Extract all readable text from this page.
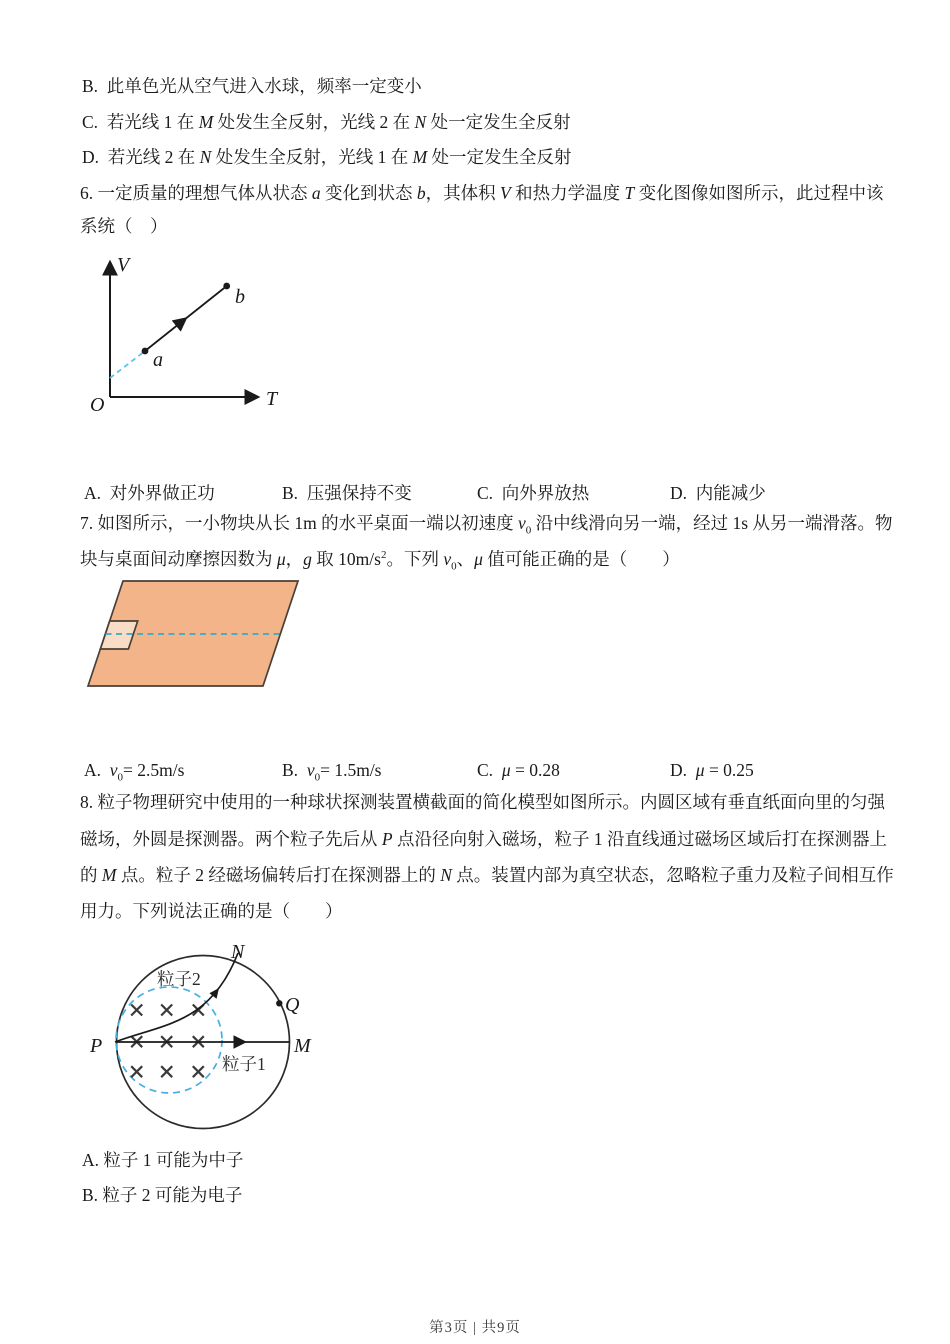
B.  此单色光从空气进入水球，频率一定变小
C.  若光线 1 在 M 处发生全反射，光线 2 在 N 处一定发生全反射
D.  若光线 2 在 N 处发生全反射，光线 1 在 M 处一定发生全反射
6. 一定质量的理想气体从状态 a 变化到状态 b，其体积 V 和热力学温度 T 变化图像如图所示，此过程中该
系统（　）
V
T
O
a
b
A.  对外界做正功	B.  压强保持不变	C.  向外界放热	D.  内能减少
7. 如图所示，一小物块从长 1m 的水平桌面一端以初速度 $v_0$ 沿中线滑向另一端，经过 1s 从另一端滑落。物
块与桌面间动摩擦因数为 μ，g 取 $10m/s^2$。下列 $v_0$、μ 值可能正确的是（　　）
A.  $v_0= 2.5m/s$	B.  $v_0= 1.5m/s$	C.  μ = 0.28	D.  μ = 0.25
8. 粒子物理研究中使用的一种球状探测装置横截面的简化模型如图所示。内圆区域有垂直纸面向里的匀强
磁场，外圆是探测器。两个粒子先后从 P 点沿径向射入磁场，粒子 1 沿直线通过磁场区域后打在探测器上
的 M 点。粒子 2 经磁场偏转后打在探测器上的 N 点。装置内部为真空状态，忽略粒子重力及粒子间相互作
用力。下列说法正确的是（　　）
P	M
N
Q
粒子2
粒子1
A. 粒子 1 可能为中子
B. 粒子 2 可能为电子
第3页 | 共9页
